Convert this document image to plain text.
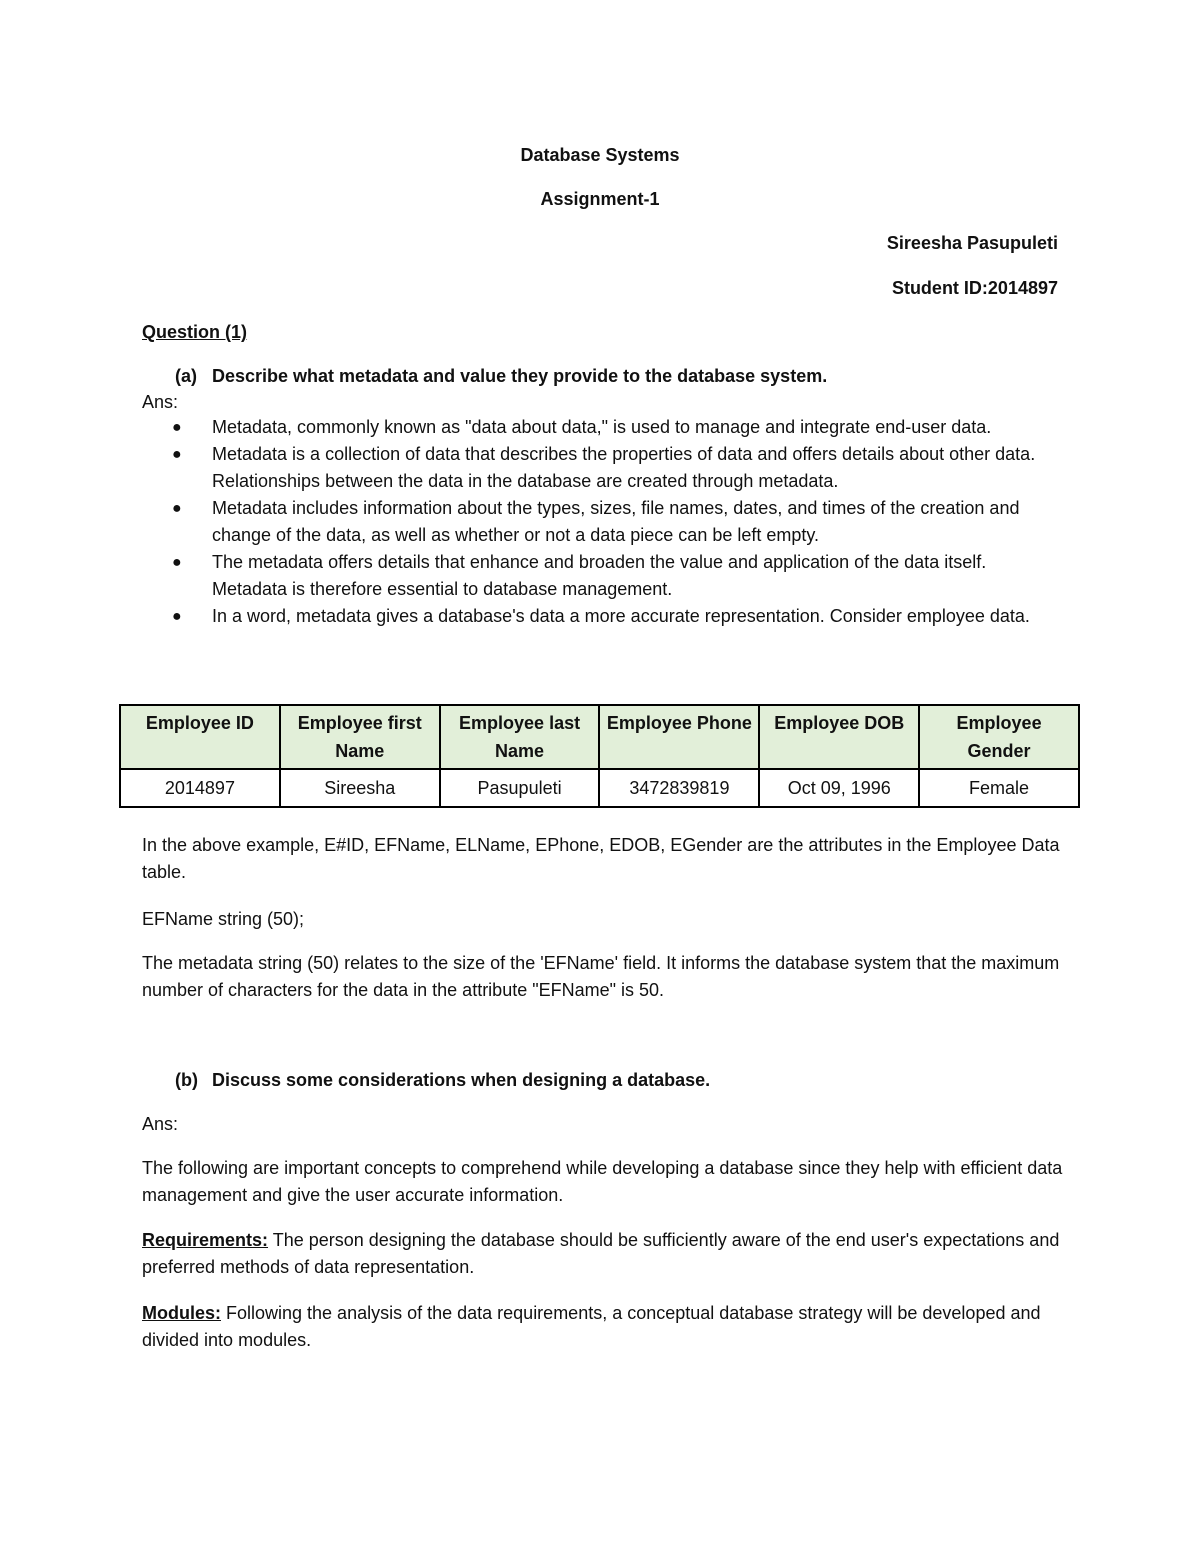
Database Systems
Assignment-1
Sireesha Pasupuleti
Student ID:2014897
Question (1)
(a) Describe what metadata and value they provide to the database system.
Ans:
● Metadata, commonly known as "data about data," is used to manage and integrate end-user data.
● Metadata is a collection of data that describes the properties of data and offers details about other data. Relationships between the data in the database are created through metadata.
● Metadata includes information about the types, sizes, file names, dates, and times of the creation and change of the data, as well as whether or not a data piece can be left empty.
● The metadata offers details that enhance and broaden the value and application of the data itself. Metadata is therefore essential to database management.
● In a word, metadata gives a database's data a more accurate representation. Consider employee data.
Employee ID	Employee first Name	Employee last Name	Employee Phone	Employee DOB	Employee Gender
2014897	Sireesha	Pasupuleti	3472839819	Oct 09, 1996	Female

In the above example, E#ID, EFName, ELName, EPhone, EDOB, EGender are the attributes in the Employee Data table.

EFName string (50);

The metadata string (50) relates to the size of the 'EFName' field. It informs the database system that the maximum number of characters for the data in the attribute "EFName" is 50.

(b) Discuss some considerations when designing a database.
Ans:

The following are important concepts to comprehend while developing a database since they help with efficient data management and give the user accurate information.

Requirements: The person designing the database should be sufficiently aware of the end user's expectations and preferred methods of data representation.

Modules: Following the analysis of the data requirements, a conceptual database strategy will be developed and divided into modules.
